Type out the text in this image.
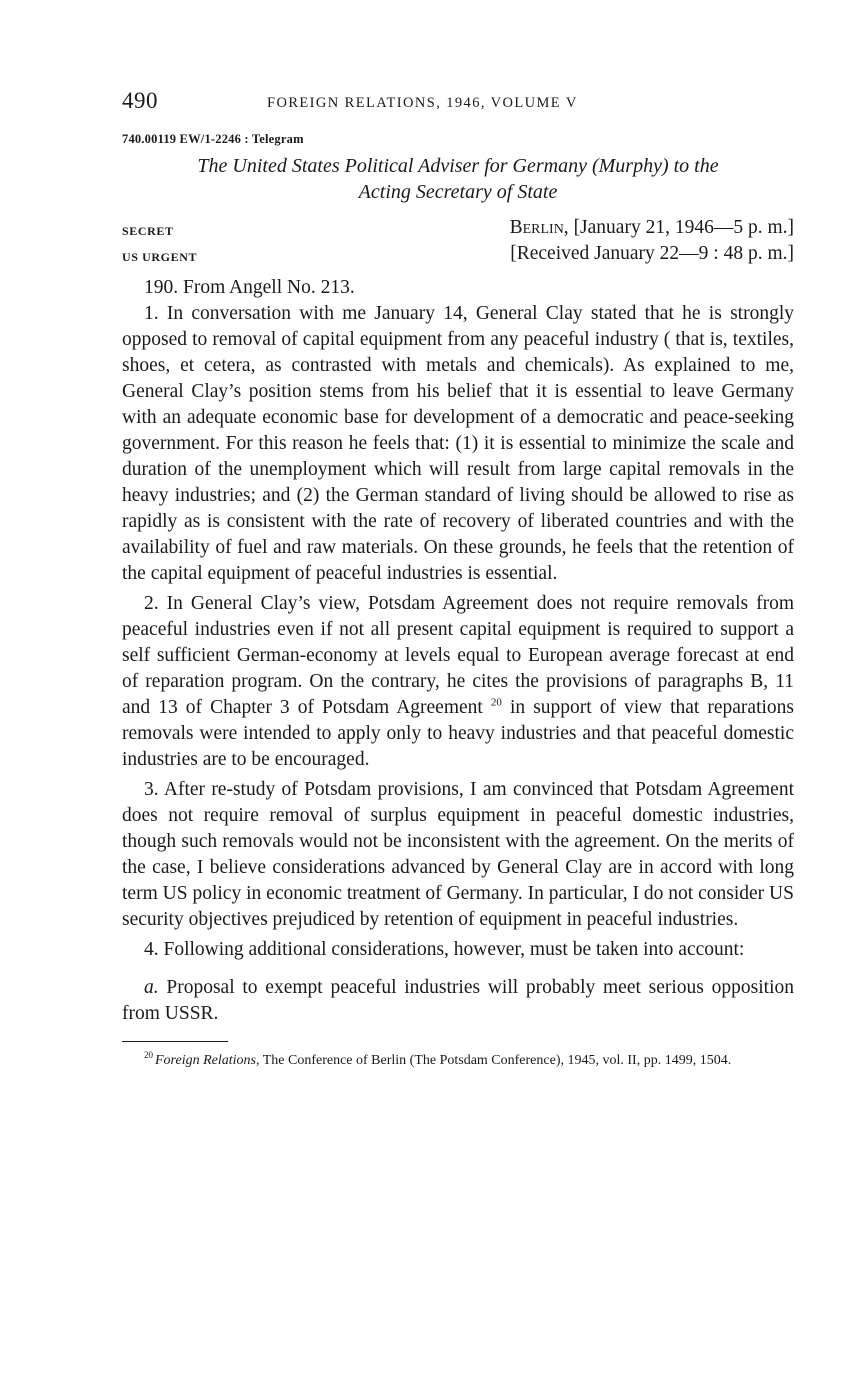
490	FOREIGN RELATIONS, 1946, VOLUME V
740.00119 EW/1-2246 : Telegram
The United States Political Adviser for Germany (Murphy) to the
Acting Secretary of State
SECRET	Berlin, [January 21, 1946—5 p. m.]
US URGENT	[Received January 22—9 : 48 p. m.]

190. From Angell No. 213.

1. In conversation with me January 14, General Clay stated that he is strongly opposed to removal of capital equipment from any peaceful industry ( that is, textiles, shoes, et cetera, as contrasted with metals and chemicals). As explained to me, General Clay’s position stems from his belief that it is essential to leave Germany with an adequate economic base for development of a democratic and peace-seeking government. For this reason he feels that: (1) it is essential to minimize the scale and duration of the unemployment which will result from large capital removals in the heavy industries; and (2) the German standard of living should be allowed to rise as rapidly as is consistent with the rate of recovery of liberated countries and with the availability of fuel and raw materials. On these grounds, he feels that the retention of the capital equipment of peaceful industries is essential.

2. In General Clay’s view, Potsdam Agreement does not require removals from peaceful industries even if not all present capital equipment is required to support a self sufficient German-economy at levels equal to European average forecast at end of reparation program. On the contrary, he cites the provisions of paragraphs B, 11 and 13 of Chapter 3 of Potsdam Agreement $^{20}$ in support of view that reparations removals were intended to apply only to heavy industries and that peaceful domestic industries are to be encouraged.

3. After re-study of Potsdam provisions, I am convinced that Potsdam Agreement does not require removal of surplus equipment in peaceful domestic industries, though such removals would not be inconsistent with the agreement. On the merits of the case, I believe considerations advanced by General Clay are in accord with long term US policy in economic treatment of Germany. In particular, I do not consider US security objectives prejudiced by retention of equipment in peaceful industries.

4. Following additional considerations, however, must be taken into account:

a. Proposal to exempt peaceful industries will probably meet serious opposition from USSR.

$^{20}$ Foreign Relations, The Conference of Berlin (The Potsdam Conference), 1945, vol. II, pp. 1499, 1504.
